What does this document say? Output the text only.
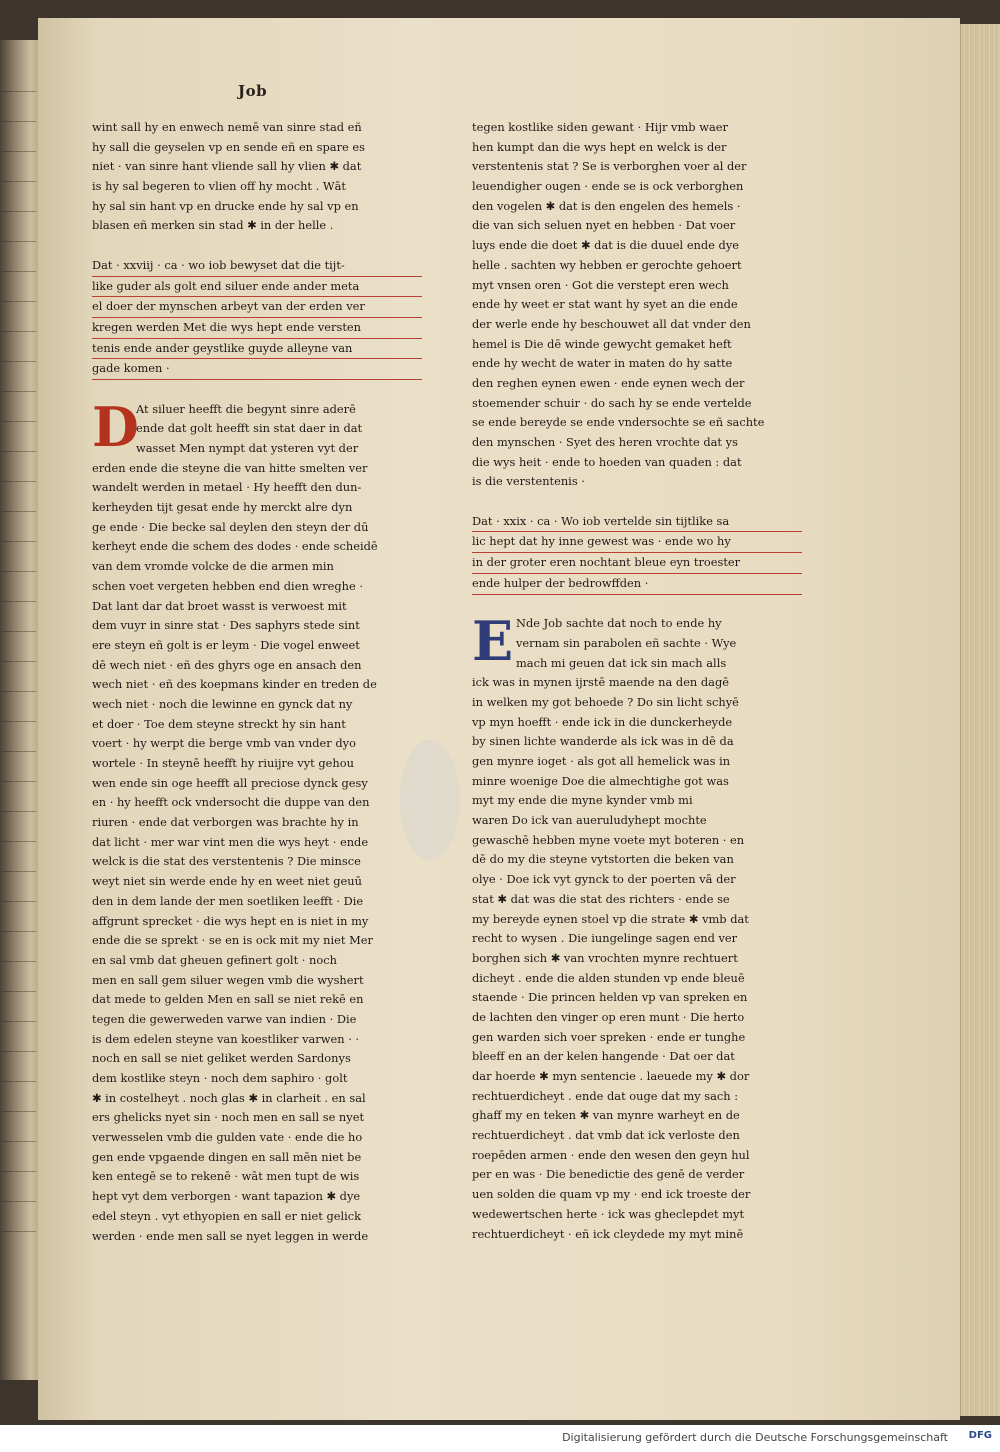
Job
wint sall hy en enwech nemē van sinre stad eñ
hy sall die geyselen vp en sende eñ en spare es
niet · van sinre hant vliende sall hy vlien ✱ dat
is hy sal begeren to vlien off hy mocht . Wāt
hy sal sin hant vp en drucke ende hy sal vp en
blasen eñ merken sin stad ✱ in der helle .
Dat · xxviij · ca · wo iob bewyset dat die tijt-
like guder als golt end siluer ende ander meta
el doer der mynschen arbeyt van der erden ver
kregen werden Met die wys hept ende versten
tenis ende ander geystlike guyde alleyne van
gade komen ·
D
At siluer heefft die begynt sinre aderē
ende dat golt heefft sin stat daer in dat
wasset Men nympt dat ysteren vyt der
erden ende die steyne die van hitte smelten ver
wandelt werden in metael · Hy heefft den dun-
kerheyden tijt gesat ende hy merckt alre dyn
ge ende · Die becke sal deylen den steyn der dū
kerheyt ende die schem des dodes · ende scheidē
van dem vromde volcke de die armen min
schen voet vergeten hebben end dien wreghe ·
Dat lant dar dat broet wasst is verwoest mit
dem vuyr in sinre stat · Des saphyrs stede sint
ere steyn eñ golt is er leym · Die vogel enweet
dē wech niet · eñ des ghyrs oge en ansach den
wech niet · eñ des koepmans kinder en treden de
wech niet · noch die lewinne en gynck dat ny
et doer · Toe dem steyne streckt hy sin hant
voert · hy werpt die berge vmb van vnder dyo
wortele · In steynē heefft hy riuijre vyt gehou
wen ende sin oge heefft all preciose dynck gesy
en · hy heefft ock vndersocht die duppe van den
riuren · ende dat verborgen was brachte hy in
dat licht · mer war vint men die wys heyt · ende
welck is die stat des verstentenis ? Die minsce
weyt niet sin werde ende hy en weet niet geuū
den in dem lande der men soetliken leefft · Die
affgrunt sprecket · die wys hept en is niet in my
ende die se sprekt · se en is ock mit my niet Mer
en sal vmb dat gheuen gefinert golt · noch
men en sall gem siluer wegen vmb die wyshert
dat mede to gelden Men en sall se niet rekē en
tegen die gewerweden varwe van indien · Die
is dem edelen steyne van koestliker varwen · ·
noch en sall se niet geliket werden Sardonys
dem kostlike steyn · noch dem saphiro · golt
✱ in costelheyt . noch glas ✱ in clarheit . en sal
ers ghelicks nyet sin · noch men en sall se nyet
verwesselen vmb die gulden vate · ende die ho
gen ende vpgaende dingen en sall mēn niet be
ken entegē se to rekenē · wāt men tupt de wis
hept vyt dem verborgen · want tapazion ✱ dye
edel steyn . vyt ethyopien en sall er niet gelick
werden · ende men sall se nyet leggen in werde
tegen kostlike siden gewant · Hijr vmb waer
hen kumpt dan die wys hept en welck is der
verstentenis stat ? Se is verborghen voer al der
leuendigher ougen · ende se is ock verborghen
den vogelen ✱ dat is den engelen des hemels ·
die van sich seluen nyet en hebben · Dat voer
luys ende die doet ✱ dat is die duuel ende dye
helle . sachten wy hebben er gerochte gehoert
myt vnsen oren · Got die verstept eren wech
ende hy weet er stat want hy syet an die ende
der werle ende hy beschouwet all dat vnder den
hemel is Die dē winde gewycht gemaket heft
ende hy wecht de water in maten do hy satte
den reghen eynen ewen · ende eynen wech der
stoemender schuir · do sach hy se ende vertelde
se ende bereyde se ende vndersochte se eñ sachte
den mynschen · Syet des heren vrochte dat ys
die wys heit · ende to hoeden van quaden : dat
is die verstentenis ·
Dat · xxix · ca · Wo iob vertelde sin tijtlike sa
lic hept dat hy inne gewest was · ende wo hy
in der groter eren nochtant bleue eyn troester
ende hulper der bedrowffden ·
E Nde Job sachte dat noch to ende hy
vernam sin parabolen eñ sachte · Wye
mach mi geuen dat ick sin mach alls
ick was in mynen ijrstē maende na den dagē
in welken my got behoede ? Do sin licht schyē
vp myn hoefft · ende ick in die dunckerheyde
by sinen lichte wanderde als ick was in dē da
gen mynre ioget · als got all hemelick was in
minre woenige Doe die almechtighe got was
myt my ende die myne kynder vmb mi
waren Do ick van aueruludyhept mochte
gewaschē hebben myne voete myt boteren · en
dē do my die steyne vytstorten die beken van
olye · Doe ick vyt gynck to der poerten vā der
stat ✱ dat was die stat des richters · ende se
my bereyde eynen stoel vp die strate ✱ vmb dat
recht to wysen . Die iungelinge sagen end ver
borghen sich ✱ van vrochten mynre rechtuert
dicheyt . ende die alden stunden vp ende bleuē
staende · Die princen helden vp van spreken en
de lachten den vinger op eren munt · Die herto
gen warden sich voer spreken · ende er tunghe
bleeff en an der kelen hangende · Dat oer dat
dar hoerde ✱ myn sentencie . laeuede my ✱ dor
rechtuerdicheyt . ende dat ouge dat my sach :
ghaff my en teken ✱ van mynre warheyt en de
rechtuerdicheyt . dat vmb dat ick verloste den
roepēden armen · ende den wesen den geyn hul
per en was · Die benedictie des genē de verder
uen solden die quam vp my · end ick troeste der
wedewertschen herte · ick was gheclepdet myt
rechtuerdicheyt · eñ ick cleydede my myt minē
Digitalisierung gefördert durch die Deutsche Forschungsgemeinschaft DFG
